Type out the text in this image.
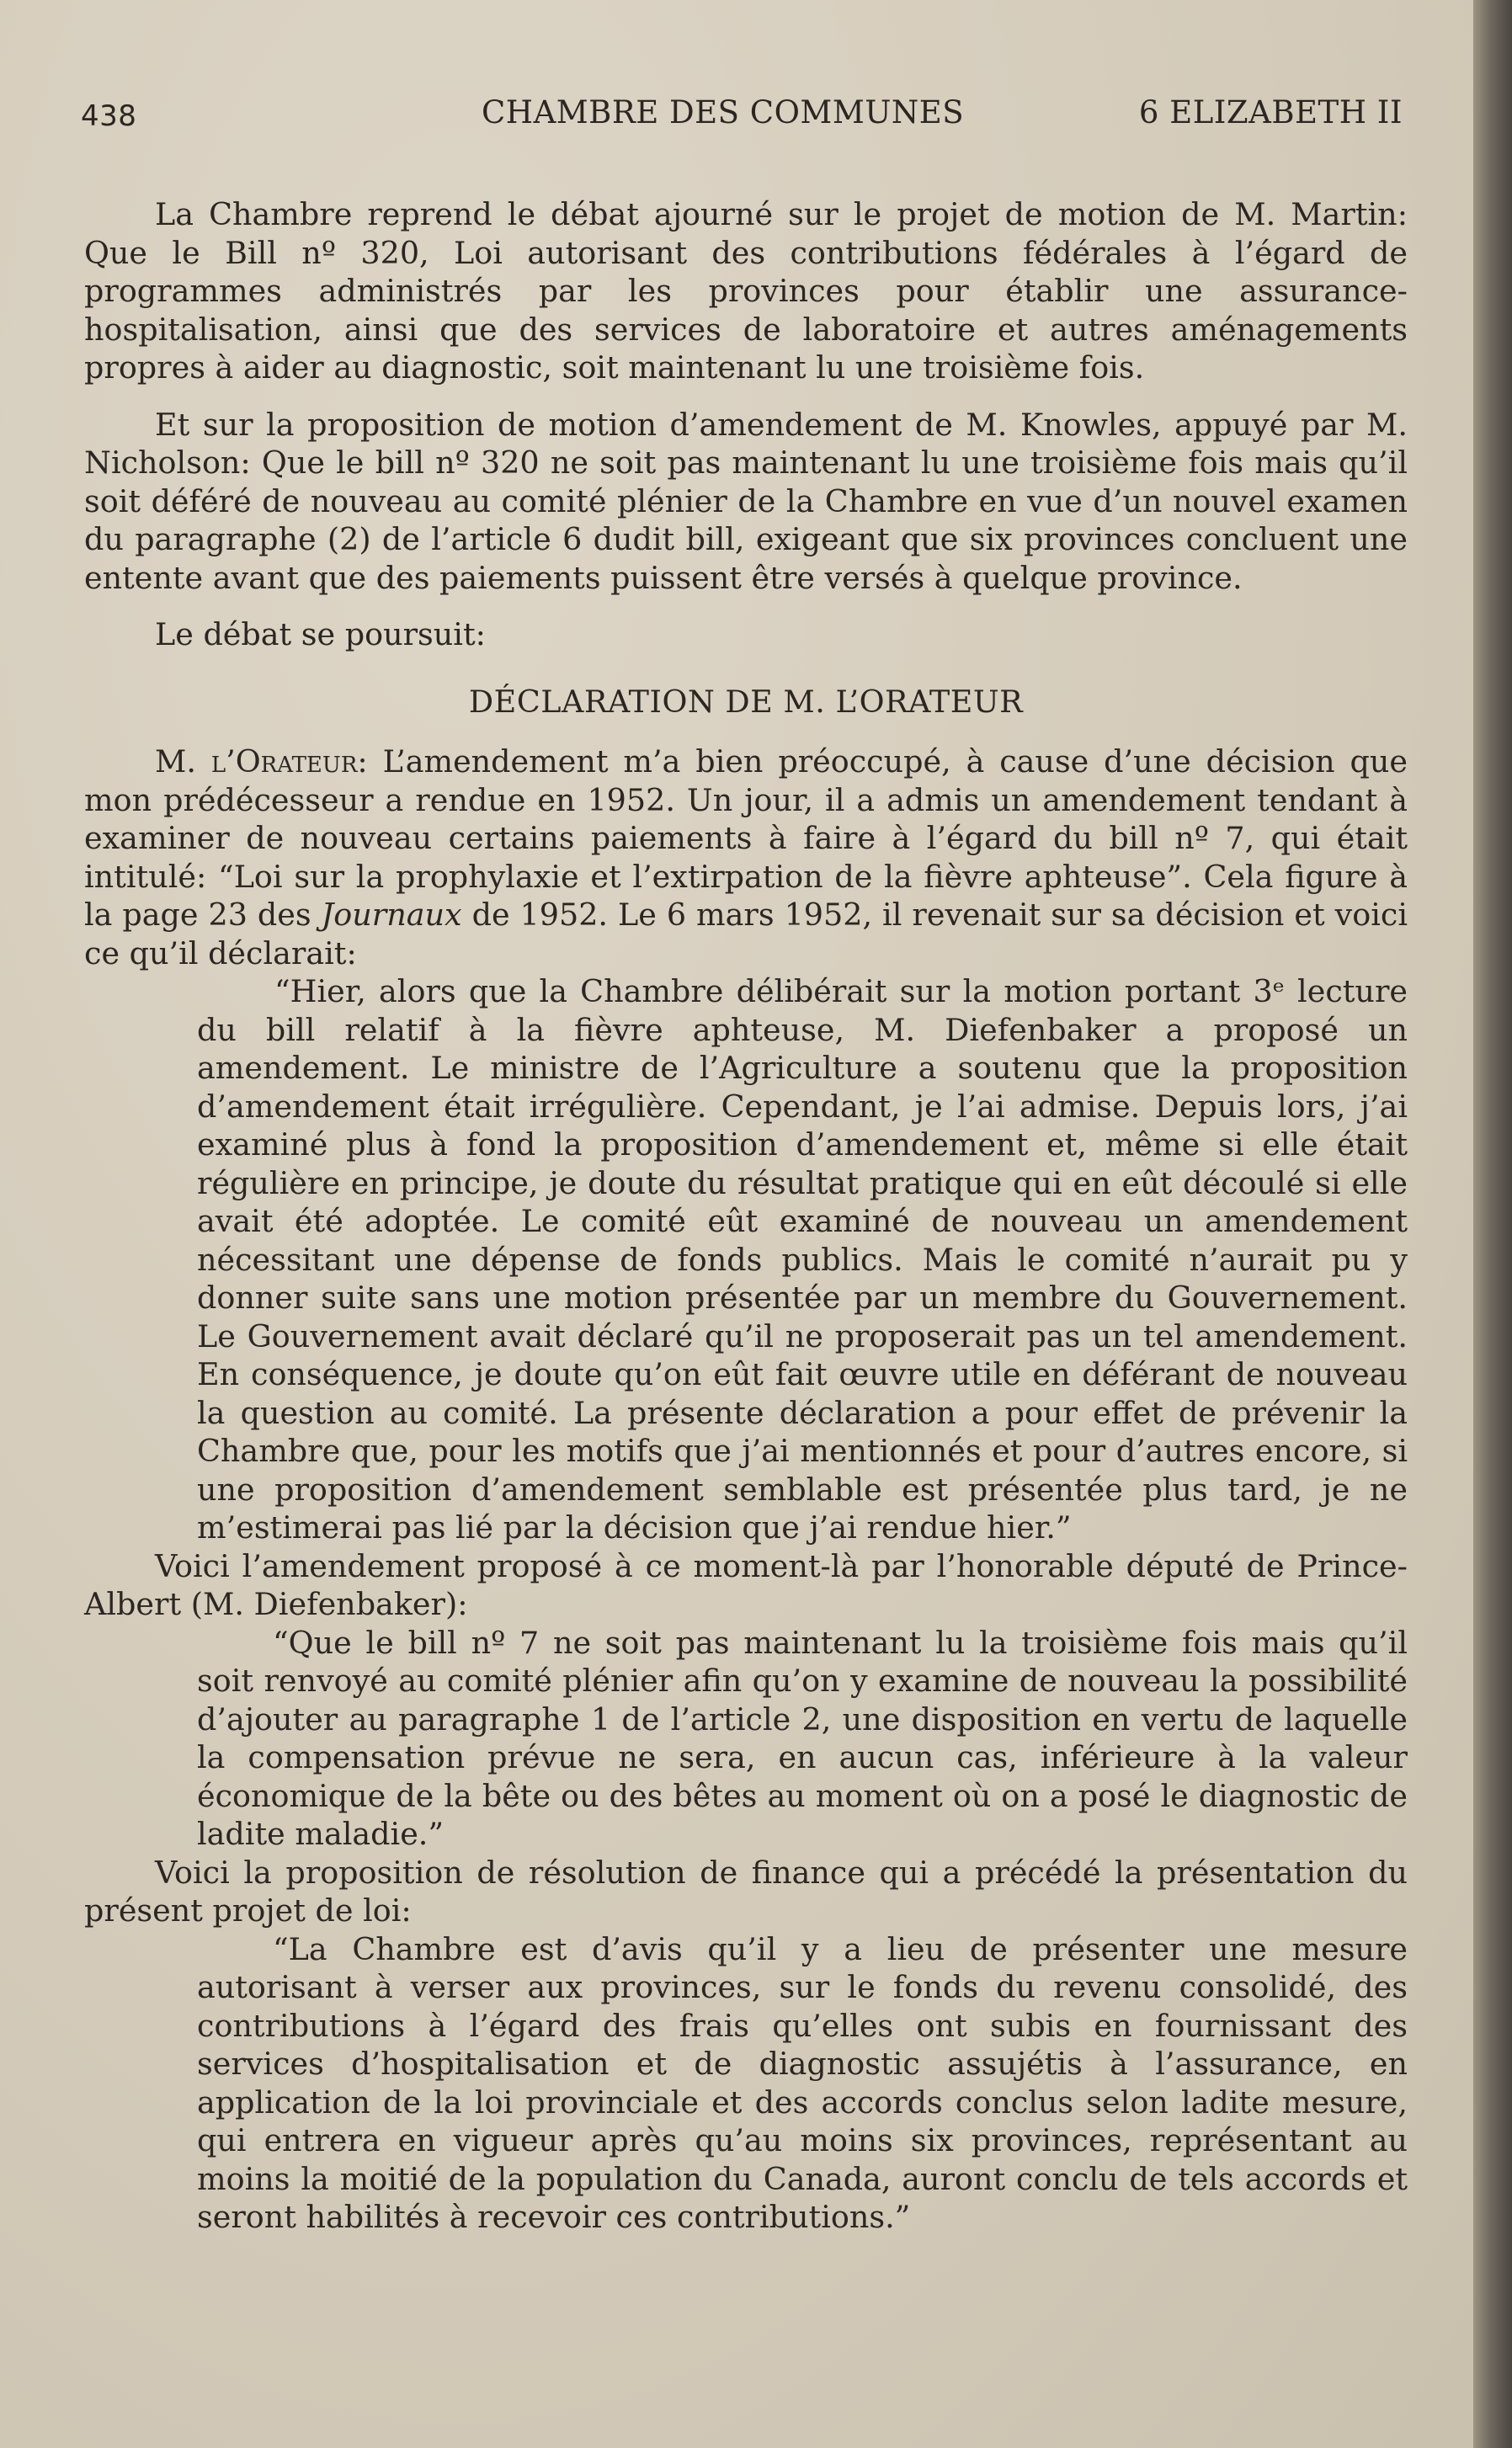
438	CHAMBRE DES COMMUNES	6 ELIZABETH II

La Chambre reprend le débat ajourné sur le projet de motion de M. Martin: Que le Bill nº 320, Loi autorisant des contributions fédérales à l’égard de programmes administrés par les provinces pour établir une assurance-hospitalisation, ainsi que des services de laboratoire et autres aménagements propres à aider au diagnostic, soit maintenant lu une troisième fois.

Et sur la proposition de motion d’amendement de M. Knowles, appuyé par M. Nicholson: Que le bill nº 320 ne soit pas maintenant lu une troisième fois mais qu’il soit déféré de nouveau au comité plénier de la Chambre en vue d’un nouvel examen du paragraphe (2) de l’article 6 dudit bill, exigeant que six provinces concluent une entente avant que des paiements puissent être versés à quelque province.

Le débat se poursuit:

DÉCLARATION DE M. L’ORATEUR

M. l’Orateur: L’amendement m’a bien préoccupé, à cause d’une décision que mon prédécesseur a rendue en 1952. Un jour, il a admis un amendement tendant à examiner de nouveau certains paiements à faire à l’égard du bill nº 7, qui était intitulé: “Loi sur la prophylaxie et l’extirpation de la fièvre aphteuse”. Cela figure à la page 23 des Journaux de 1952. Le 6 mars 1952, il revenait sur sa décision et voici ce qu’il déclarait:

“Hier, alors que la Chambre délibérait sur la motion portant 3ᵉ lecture du bill relatif à la fièvre aphteuse, M. Diefenbaker a proposé un amendement. Le ministre de l’Agriculture a soutenu que la proposition d’amendement était irrégulière. Cependant, je l’ai admise. Depuis lors, j’ai examiné plus à fond la proposition d’amendement et, même si elle était régulière en principe, je doute du résultat pratique qui en eût découlé si elle avait été adoptée. Le comité eût examiné de nouveau un amendement nécessitant une dépense de fonds publics. Mais le comité n’aurait pu y donner suite sans une motion présentée par un membre du Gouvernement. Le Gouvernement avait déclaré qu’il ne proposerait pas un tel amendement. En conséquence, je doute qu’on eût fait œuvre utile en déférant de nouveau la question au comité. La présente déclaration a pour effet de prévenir la Chambre que, pour les motifs que j’ai mentionnés et pour d’autres encore, si une proposition d’amendement semblable est présentée plus tard, je ne m’estimerai pas lié par la décision que j’ai rendue hier.”

Voici l’amendement proposé à ce moment-là par l’honorable député de Prince-Albert (M. Diefenbaker):

“Que le bill nº 7 ne soit pas maintenant lu la troisième fois mais qu’il soit renvoyé au comité plénier afin qu’on y examine de nouveau la possibilité d’ajouter au paragraphe 1 de l’article 2, une disposition en vertu de laquelle la compensation prévue ne sera, en aucun cas, inférieure à la valeur économique de la bête ou des bêtes au moment où on a posé le diagnostic de ladite maladie.”

Voici la proposition de résolution de finance qui a précédé la présentation du présent projet de loi:

“La Chambre est d’avis qu’il y a lieu de présenter une mesure autorisant à verser aux provinces, sur le fonds du revenu consolidé, des contributions à l’égard des frais qu’elles ont subis en fournissant des services d’hospitalisation et de diagnostic assujétis à l’assurance, en application de la loi provinciale et des accords conclus selon ladite mesure, qui entrera en vigueur après qu’au moins six provinces, représentant au moins la moitié de la population du Canada, auront conclu de tels accords et seront habilités à recevoir ces contributions.”
